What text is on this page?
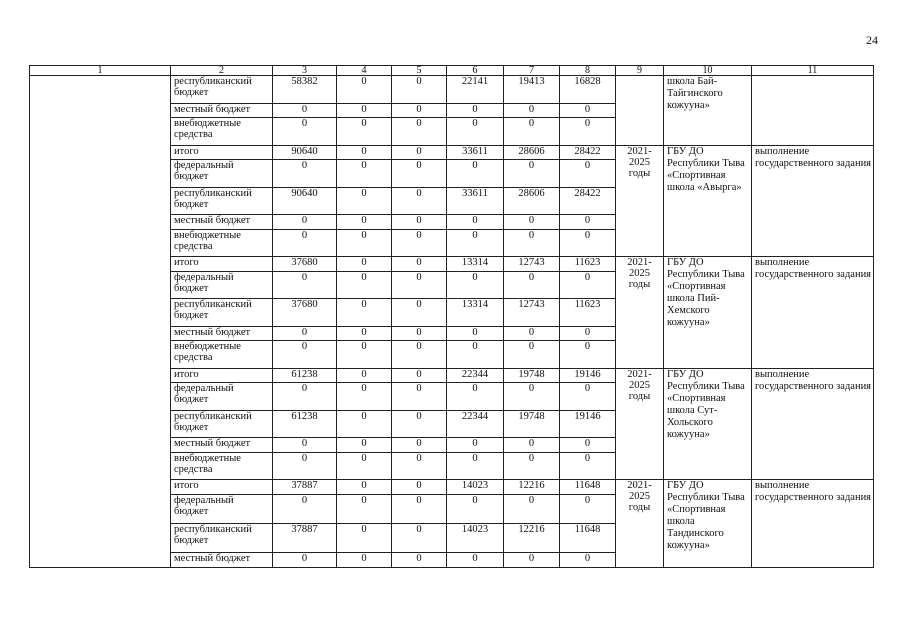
24
1	2	3	4	5	6	7	8	9	10	11
	республиканский бюджет	58382	0	0	22141	19413	16828		школа Бай-Тайгинского кожууна»	
	местный бюджет	0	0	0	0	0	0			
	внебюджетные средства	0	0	0	0	0	0			
	итого	90640	0	0	33611	28606	28422	2021-2025 годы	ГБУ ДО Республики Тыва «Спортивная школа «Авырга»	выполнение государственного задания
	федеральный бюджет	0	0	0	0	0	0			
	республиканский бюджет	90640	0	0	33611	28606	28422			
	местный бюджет	0	0	0	0	0	0			
	внебюджетные средства	0	0	0	0	0	0			
	итого	37680	0	0	13314	12743	11623	2021-2025 годы	ГБУ ДО Республики Тыва «Спортивная школа Пий-Хемского кожууна»	выполнение государственного задания
	федеральный бюджет	0	0	0	0	0	0			
	республиканский бюджет	37680	0	0	13314	12743	11623			
	местный бюджет	0	0	0	0	0	0			
	внебюджетные средства	0	0	0	0	0	0			
	итого	61238	0	0	22344	19748	19146	2021-2025 годы	ГБУ ДО Республики Тыва «Спортивная школа Сут-Хольского кожууна»	выполнение государственного задания
	федеральный бюджет	0	0	0	0	0	0			
	республиканский бюджет	61238	0	0	22344	19748	19146			
	местный бюджет	0	0	0	0	0	0			
	внебюджетные средства	0	0	0	0	0	0			
	итого	37887	0	0	14023	12216	11648	2021-2025 годы	ГБУ ДО Республики Тыва «Спортивная школа Тандинского кожууна»	выполнение государственного задания
	федеральный бюджет	0	0	0	0	0	0			
	республиканский бюджет	37887	0	0	14023	12216	11648			
	местный бюджет	0	0	0	0	0	0			
